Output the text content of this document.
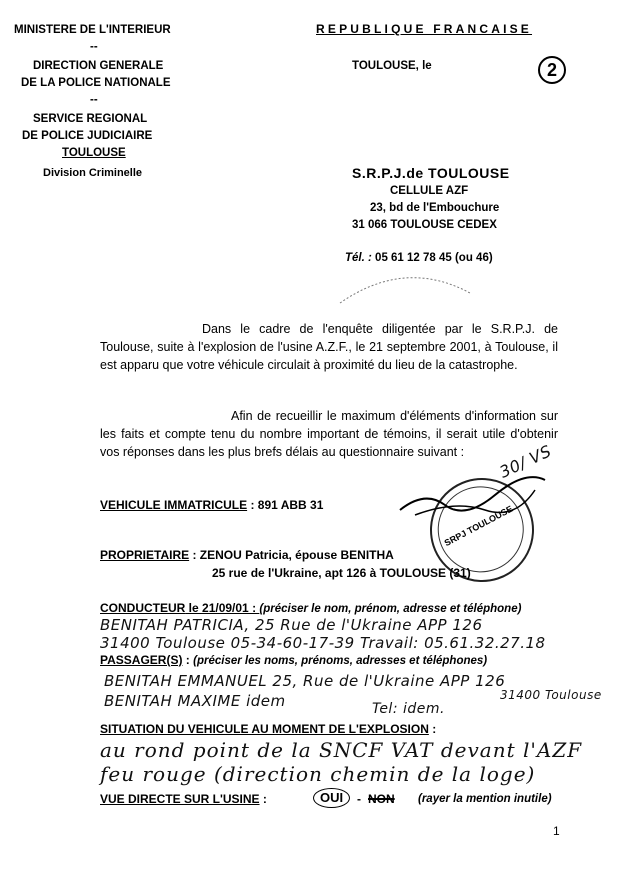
MINISTERE DE L'INTERIEUR
--
DIRECTION GENERALE
DE LA POLICE NATIONALE
--
SERVICE REGIONAL
DE POLICE JUDICIAIRE
TOULOUSE
Division Criminelle
REPUBLIQUE FRANCAISE
TOULOUSE, le	2
S.R.P.J.de TOULOUSE
CELLULE AZF
23, bd de l'Embouchure
31 066 TOULOUSE CEDEX
Tél. : 05 61 12 78 45 (ou 46)
Dans le cadre de l'enquête diligentée par le S.R.P.J. de Toulouse, suite à l'explosion de l'usine A.Z.F., le 21 septembre 2001, à Toulouse, il est apparu que votre véhicule circulait à proximité du lieu de la catastrophe.
Afin de recueillir le maximum d'éléments d'information sur les faits et compte tenu du nombre important de témoins, il serait utile d'obtenir vos réponses dans les plus brefs délais au questionnaire suivant :
SRPJ TOULOUSE
30/ VS
VEHICULE IMMATRICULE : 891 ABB 31
PROPRIETAIRE : ZENOU Patricia, épouse BENITHA
25 rue de l'Ukraine, apt 126 à TOULOUSE (31)
CONDUCTEUR le 21/09/01 : (préciser le nom, prénom, adresse et téléphone)
BENITAH PATRICIA, 25 Rue de l'Ukraine APP 126
31400 Toulouse 05-34-60-17-39 Travail: 05.61.32.27.18
PASSAGER(S) : (préciser les noms, prénoms, adresses et téléphones)
BENITAH EMMANUEL 25, Rue de l'Ukraine APP 126
31400 Toulouse
BENITAH MAXIME idem	Tel: idem.
SITUATION DU VEHICULE AU MOMENT DE L'EXPLOSION :
au rond point de la SNCF VAT devant l'AZF
feu rouge (direction chemin de la loge)
VUE DIRECTE SUR L'USINE :	OUI	- NON (rayer la mention inutile)
1
